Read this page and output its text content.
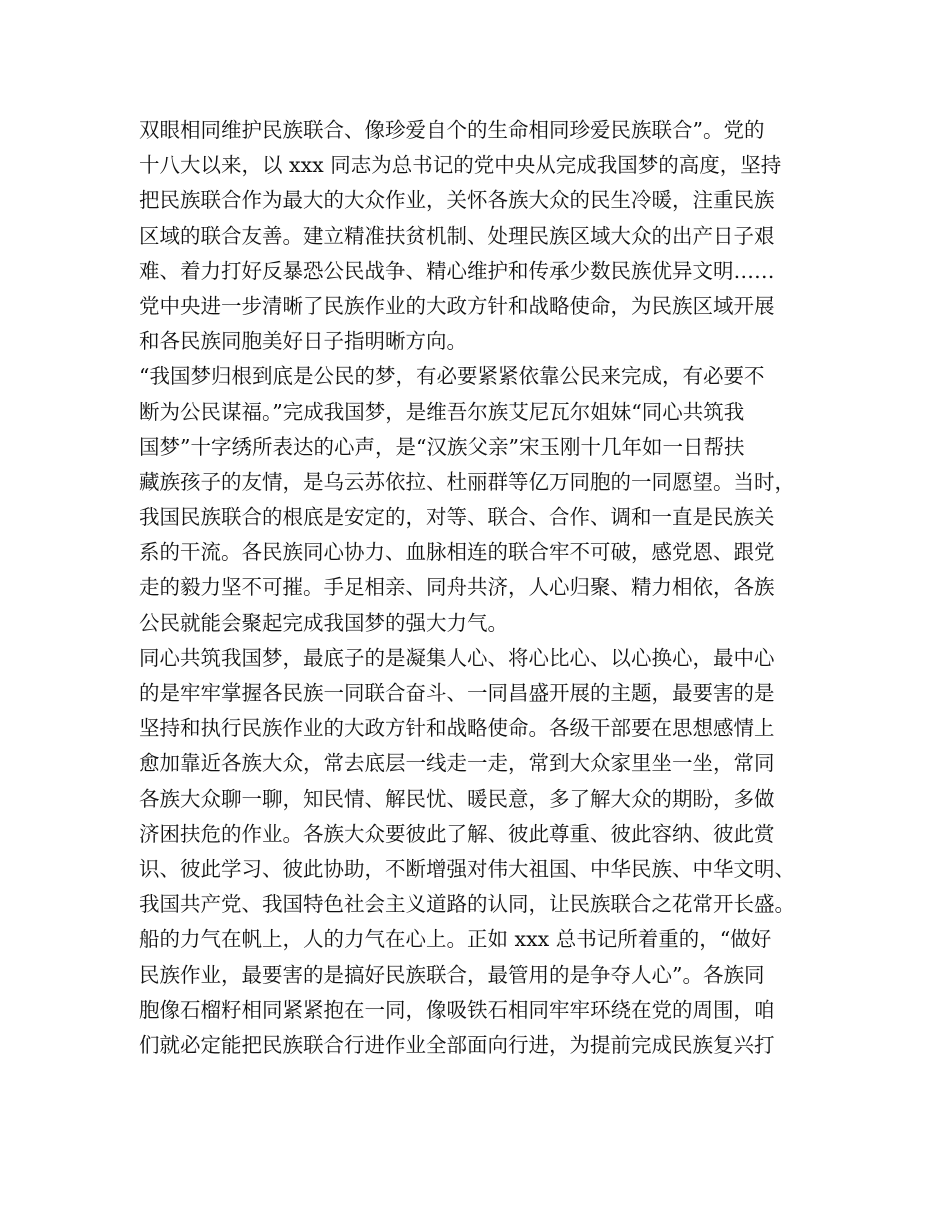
双眼相同维护民族联合、像珍爱自个的生命相同珍爱民族联合”。党的
十八大以来，以 xxx 同志为总书记的党中央从完成我国梦的高度，坚持
把民族联合作为最大的大众作业，关怀各族大众的民生冷暖，注重民族
区域的联合友善。建立精准扶贫机制、处理民族区域大众的出产日子艰
难、着力打好反暴恐公民战争、精心维护和传承少数民族优异文明……
党中央进一步清晰了民族作业的大政方针和战略使命，为民族区域开展
和各民族同胞美好日子指明晰方向。
“我国梦归根到底是公民的梦，有必要紧紧依靠公民来完成，有必要不
断为公民谋福。”完成我国梦，是维吾尔族艾尼瓦尔姐妹“同心共筑我
国梦”十字绣所表达的心声，是“汉族父亲”宋玉刚十几年如一日帮扶
藏族孩子的友情，是乌云苏依拉、杜丽群等亿万同胞的一同愿望。当时，
我国民族联合的根底是安定的，对等、联合、合作、调和一直是民族关
系的干流。各民族同心协力、血脉相连的联合牢不可破，感党恩、跟党
走的毅力坚不可摧。手足相亲、同舟共济，人心归聚、精力相依，各族
公民就能会聚起完成我国梦的强大力气。
同心共筑我国梦，最底子的是凝集人心、将心比心、以心换心，最中心
的是牢牢掌握各民族一同联合奋斗、一同昌盛开展的主题，最要害的是
坚持和执行民族作业的大政方针和战略使命。各级干部要在思想感情上
愈加靠近各族大众，常去底层一线走一走，常到大众家里坐一坐，常同
各族大众聊一聊，知民情、解民忧、暖民意，多了解大众的期盼，多做
济困扶危的作业。各族大众要彼此了解、彼此尊重、彼此容纳、彼此赏
识、彼此学习、彼此协助，不断增强对伟大祖国、中华民族、中华文明、
我国共产党、我国特色社会主义道路的认同，让民族联合之花常开长盛。
船的力气在帆上，人的力气在心上。正如 xxx 总书记所着重的，“做好
民族作业，最要害的是搞好民族联合，最管用的是争夺人心”。各族同
胞像石榴籽相同紧紧抱在一同，像吸铁石相同牢牢环绕在党的周围，咱
们就必定能把民族联合行进作业全部面向行进，为提前完成民族复兴打
